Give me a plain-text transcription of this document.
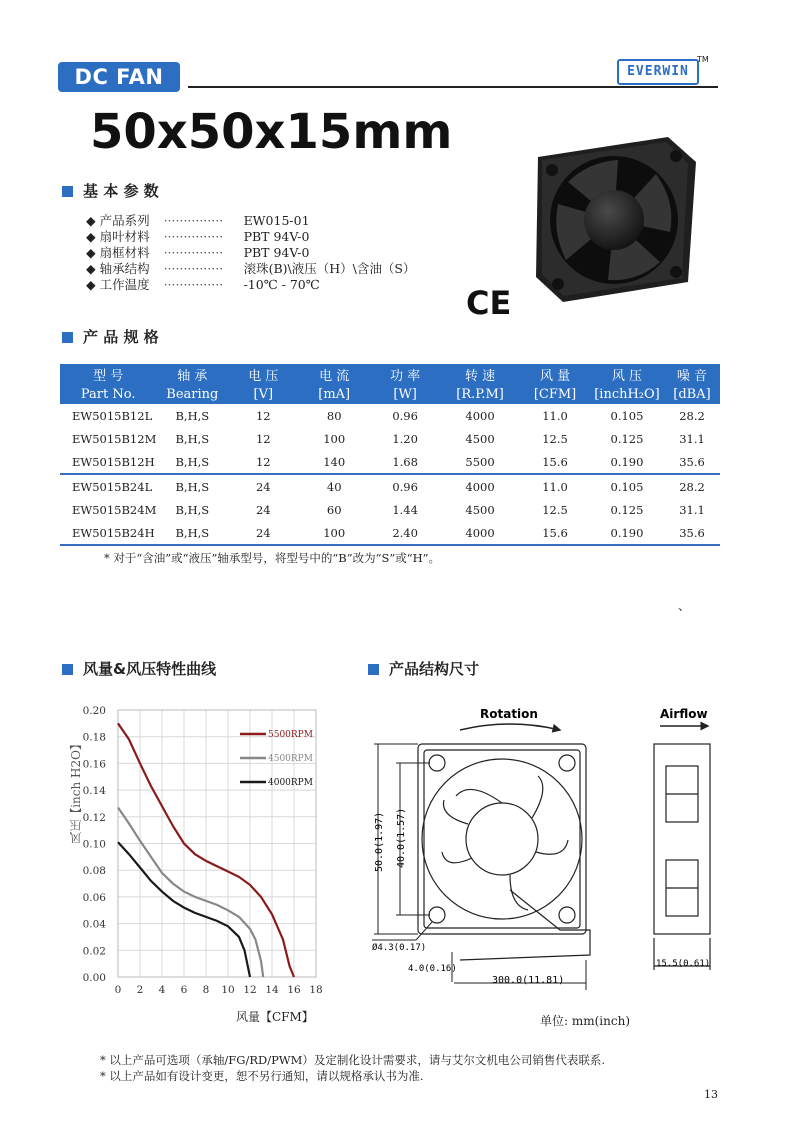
DC FAN	EVERWIN
TM
50x50x15mm
基 本 参 数
◆ 产品系列 ··············· EW015-01
◆ 扇叶材料 ··············· PBT 94V-0
◆ 扇框材料 ··············· PBT 94V-0
◆ 轴承结构 ··············· 滚珠(B)\液压（H）\含油（S）
◆ 工作温度 ··············· -10℃ - 70℃	CE
产 品 规 格
型 号	轴 承	电 压	电 流	功 率	转 速	风 量	风 压	噪 音
Part No.	Bearing	[V]	[mA]	[W]	[R.P.M]	[CFM]	[inchH₂O]	[dBA]
EW5015B12L	B,H,S	12	80	0.96	4000	11.0	0.105	28.2
EW5015B12M	B,H,S	12	100	1.20	4500	12.5	0.125	31.1
EW5015B12H	B,H,S	12	140	1.68	5500	15.6	0.190	35.6
EW5015B24L	B,H,S	24	40	0.96	4000	11.0	0.105	28.2
EW5015B24M	B,H,S	24	60	1.44	4500	12.5	0.125	31.1
EW5015B24H	B,H,S	24	100	2.40	4000	15.6	0.190	35.6
* 对于“含油”或“液压”轴承型号，将型号中的“B”改为“S”或“H”。
、
风量&风压特性曲线
0 2 4 6 8 10 12 14 16 18
0.00
0.02
0.04
0.06
0.08
0.10
0.12
0.14
0.16
0.18
0.20
5500RPM
4500RPM
4000RPM
风压【inch H2O】
风量【CFM】
产品结构尺寸
Rotation
50.0(1.97) 40.0(1.57)
Ø4.3(0.17)
4.0(0.16)
300.0(11.81)
Airflow
15.5(0.61)
单位: mm(inch)
* 以上产品可选项（承轴/FG/RD/PWM）及定制化设计需要求，请与艾尔文机电公司销售代表联系.
* 以上产品如有设计变更，恕不另行通知，请以规格承认书为准.
13
